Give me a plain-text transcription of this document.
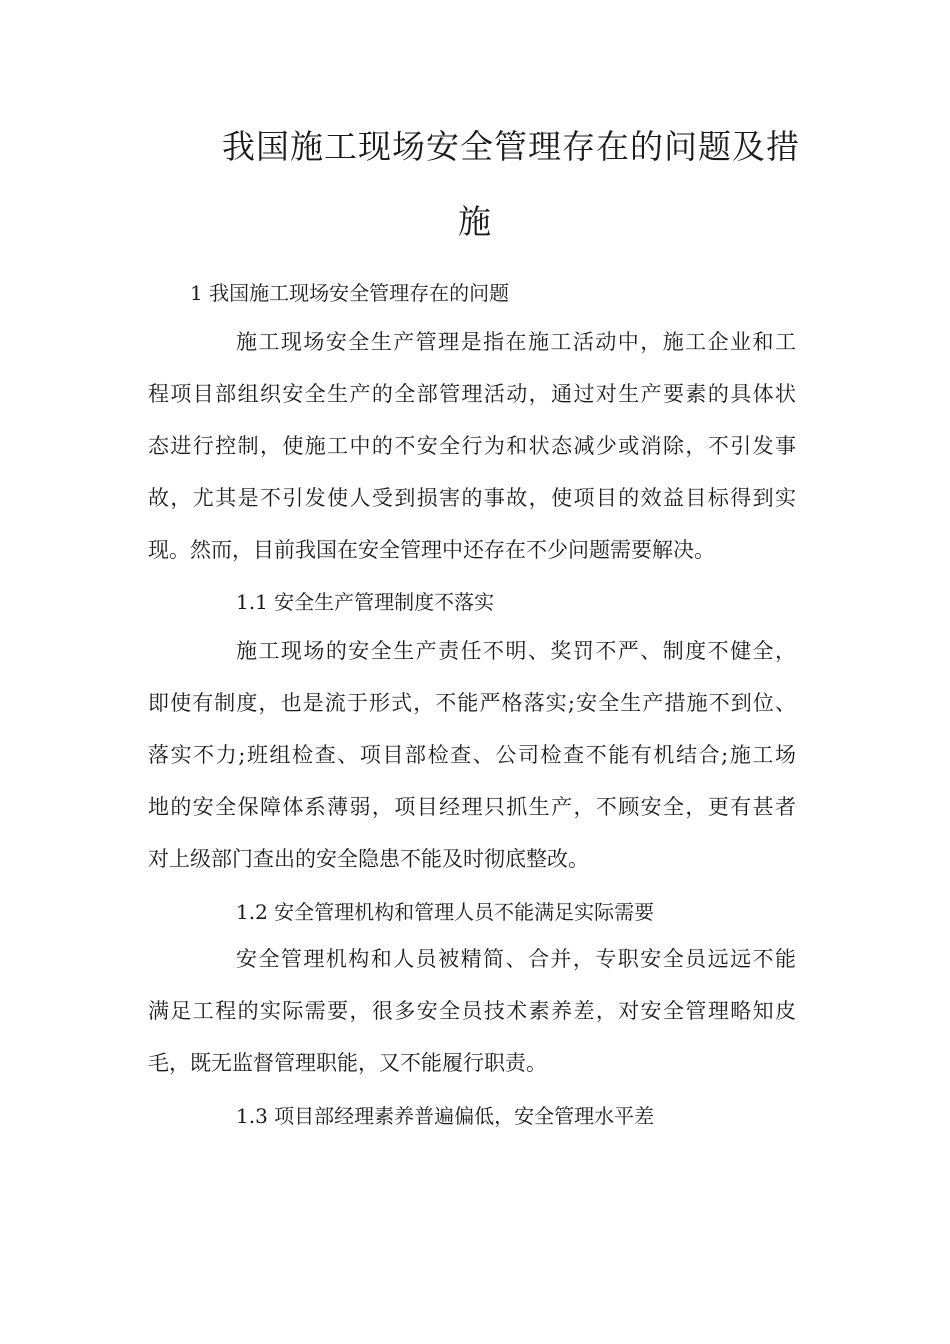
我国施工现场安全管理存在的问题及措
施
1 我国施工现场安全管理存在的问题
施工现场安全生产管理是指在施工活动中，施工企业和工
程项目部组织安全生产的全部管理活动，通过对生产要素的具体状
态进行控制，使施工中的不安全行为和状态减少或消除，不引发事
故，尤其是不引发使人受到损害的事故，使项目的效益目标得到实
现。然而，目前我国在安全管理中还存在不少问题需要解决。
1.1 安全生产管理制度不落实
施工现场的安全生产责任不明、奖罚不严、制度不健全，
即使有制度，也是流于形式，不能严格落实;安全生产措施不到位、
落实不力;班组检查、项目部检查、公司检查不能有机结合;施工场
地的安全保障体系薄弱，项目经理只抓生产，不顾安全，更有甚者
对上级部门查出的安全隐患不能及时彻底整改。
1.2 安全管理机构和管理人员不能满足实际需要
安全管理机构和人员被精简、合并，专职安全员远远不能
满足工程的实际需要，很多安全员技术素养差，对安全管理略知皮
毛，既无监督管理职能，又不能履行职责。
1.3 项目部经理素养普遍偏低，安全管理水平差
